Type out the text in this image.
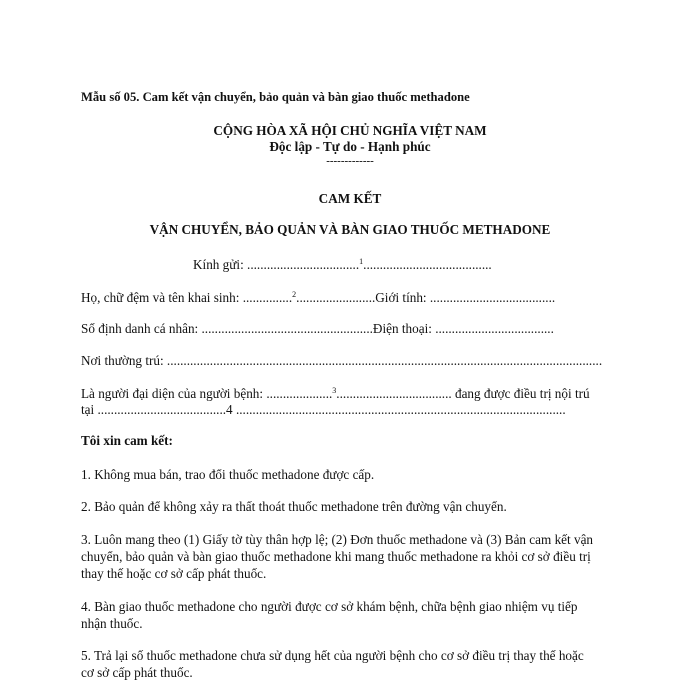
Mẫu số 05. Cam kết vận chuyển, bảo quản và bàn giao thuốc methadone
CỘNG HÒA XÃ HỘI CHỦ NGHĨA VIỆT NAM
Độc lập - Tự do - Hạnh phúc
-------------
CAM KẾT
VẬN CHUYỂN, BẢO QUẢN VÀ BÀN GIAO THUỐC METHADONE
Kính gửi: ..................................$^1$.......................................
Họ, chữ đệm và tên khai sinh: ...............$^2$........................Giới tính: ......................................
Số định danh cá nhân: ....................................................Điện thoại: ....................................
Nơi thường trú: ....................................................................................................................................
Là người đại diện của người bệnh: ....................$^3$................................... đang được điều trị nội trú
tại .......................................4 ....................................................................................................
Tôi xin cam kết:
1. Không mua bán, trao đổi thuốc methadone được cấp.
2. Bảo quản để không xảy ra thất thoát thuốc methadone trên đường vận chuyển.
3. Luôn mang theo (1) Giấy tờ tùy thân hợp lệ; (2) Đơn thuốc methadone và (3) Bản cam kết vận
chuyển, bảo quản và bàn giao thuốc methadone khi mang thuốc methadone ra khỏi cơ sở điều trị
thay thế hoặc cơ sở cấp phát thuốc.
4. Bàn giao thuốc methadone cho người được cơ sở khám bệnh, chữa bệnh giao nhiệm vụ tiếp
nhận thuốc.
5. Trả lại số thuốc methadone chưa sử dụng hết của người bệnh cho cơ sở điều trị thay thế hoặc
cơ sở cấp phát thuốc.
